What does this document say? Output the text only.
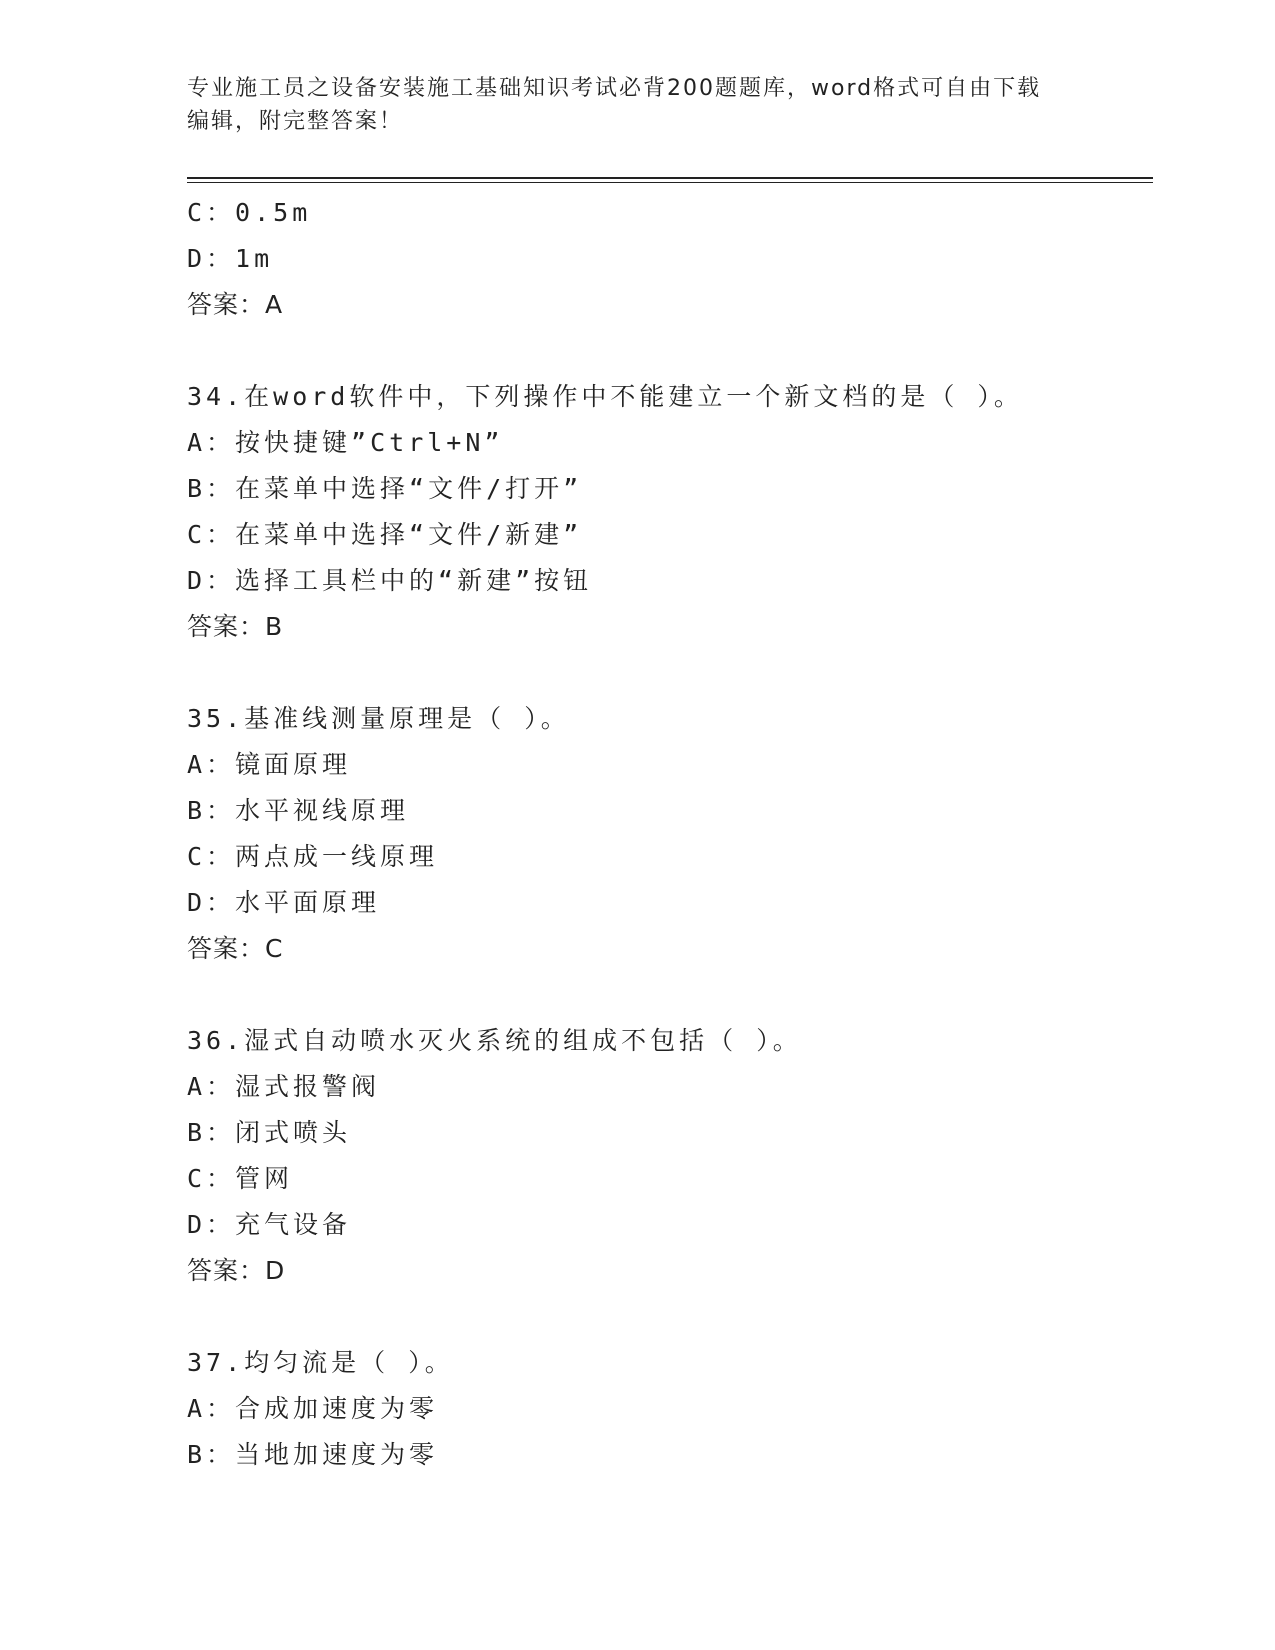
专业施工员之设备安装施工基础知识考试必背200题题库，word格式可自由下载
编辑，附完整答案！
C：0.5m
D：1m
答案：A
34.在word软件中，下列操作中不能建立一个新文档的是（ ）。
A：按快捷键”Ctrl+N”
B：在菜单中选择“文件/打开”
C：在菜单中选择“文件/新建”
D：选择工具栏中的“新建”按钮
答案：B
35.基准线测量原理是（ ）。
A：镜面原理
B：水平视线原理
C：两点成一线原理
D：水平面原理
答案：C
36.湿式自动喷水灭火系统的组成不包括（ ）。
A：湿式报警阀
B：闭式喷头
C：管网
D：充气设备
答案：D
37.均匀流是（ ）。
A：合成加速度为零
B：当地加速度为零
